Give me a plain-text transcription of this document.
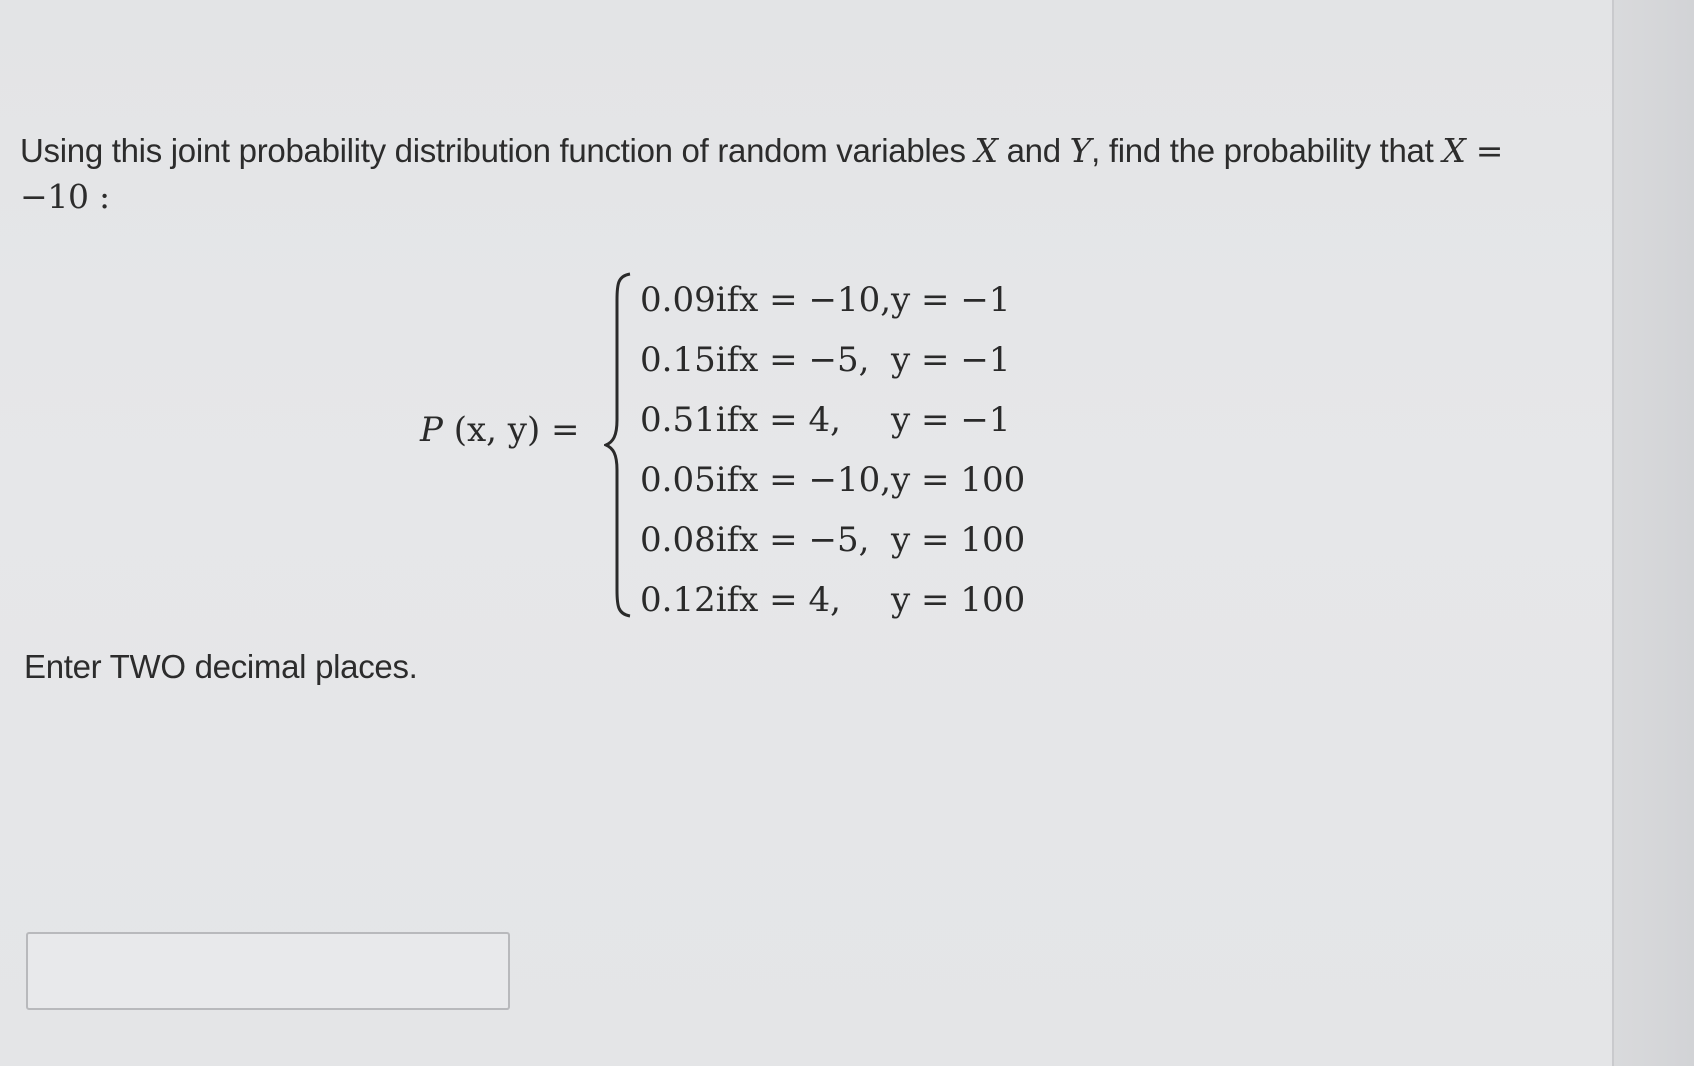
Using this joint probability distribution function of random variables X and Y, find the probability that X = −10 :
P (x, y) =
0.09	if	x = −10,	y = −1
0.15	if	x = −5,	y = −1
0.51	if	x = 4,	y = −1
0.05	if	x = −10,	y = 100
0.08	if	x = −5,	y = 100
0.12	if	x = 4,	y = 100
Enter TWO decimal places.
